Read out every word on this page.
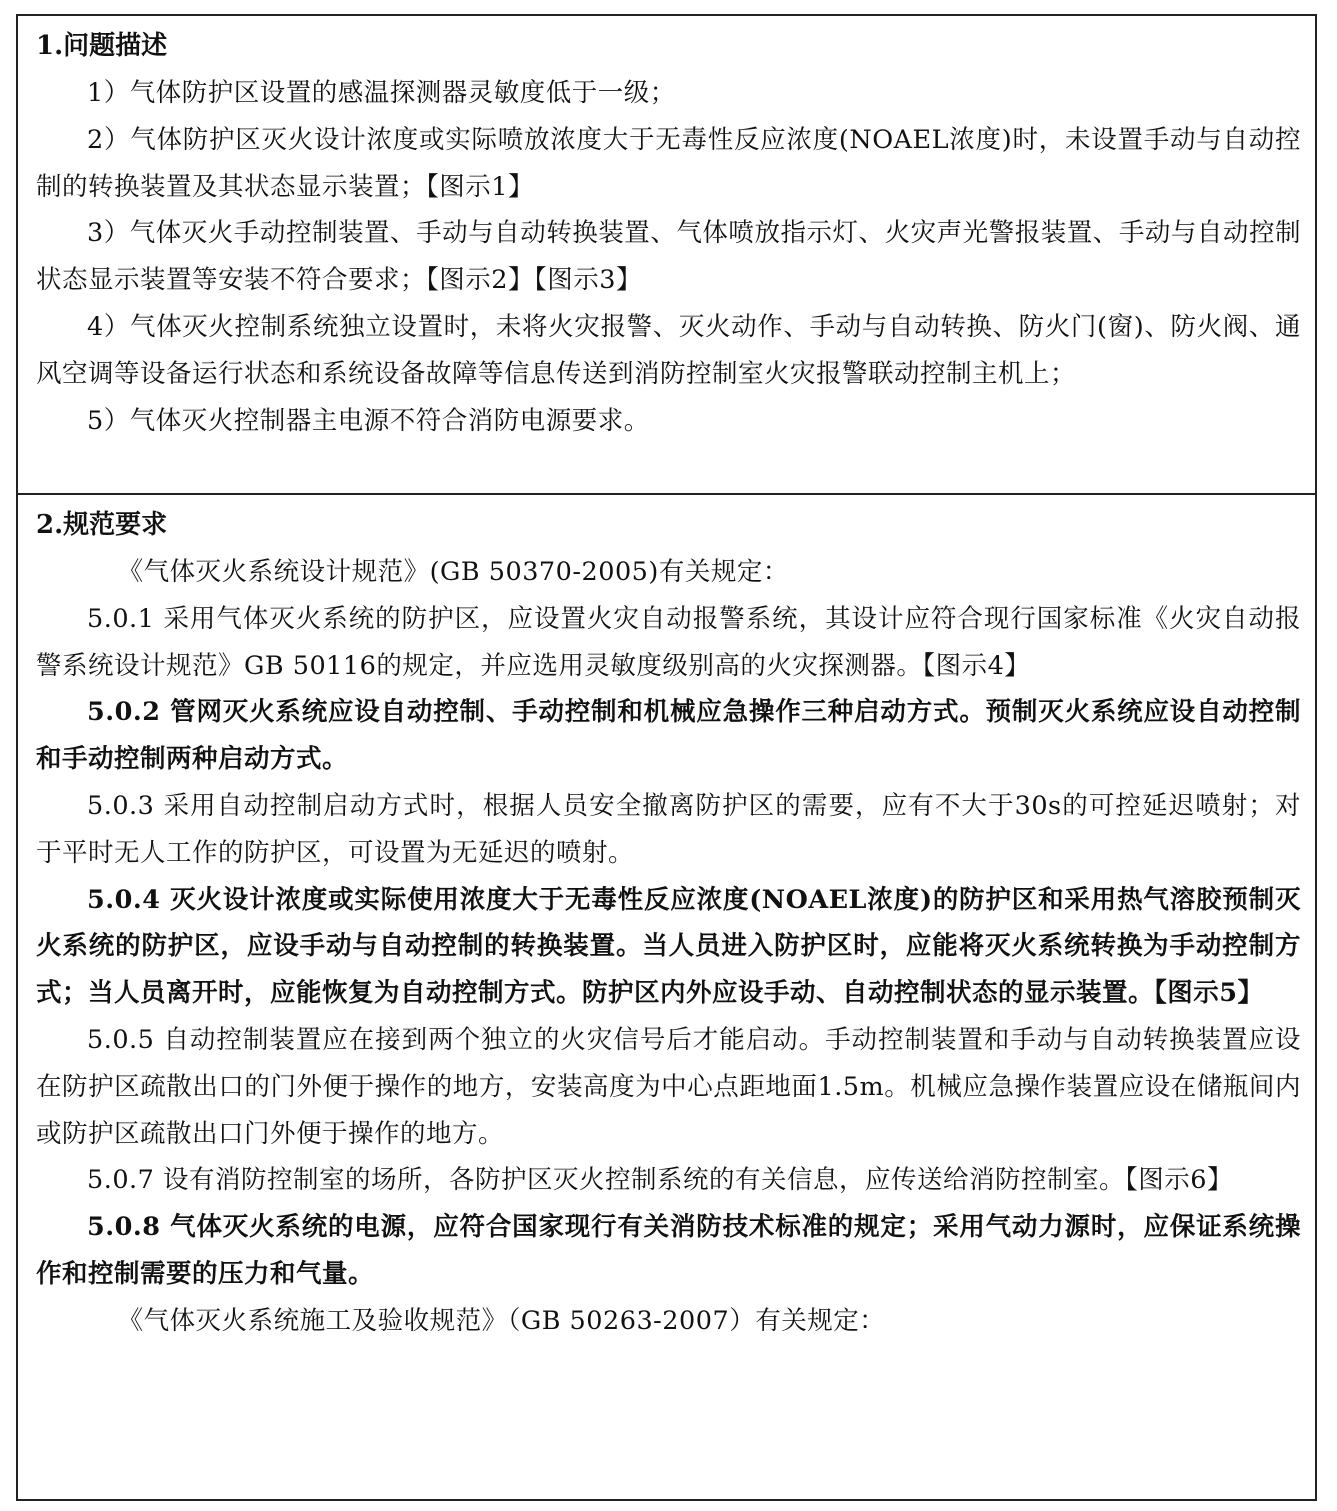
1.问题描述

1）气体防护区设置的感温探测器灵敏度低于一级；

2）气体防护区灭火设计浓度或实际喷放浓度大于无毒性反应浓度(NOAEL浓度)时，未设置手动与自动控制的转换装置及其状态显示装置；【图示1】

3）气体灭火手动控制装置、手动与自动转换装置、气体喷放指示灯、火灾声光警报装置、手动与自动控制状态显示装置等安装不符合要求；【图示2】【图示3】

4）气体灭火控制系统独立设置时，未将火灾报警、灭火动作、手动与自动转换、防火门(窗)、防火阀、通风空调等设备运行状态和系统设备故障等信息传送到消防控制室火灾报警联动控制主机上；

5）气体灭火控制器主电源不符合消防电源要求。

2.规范要求

《气体灭火系统设计规范》(GB 50370-2005)有关规定：

5.0.1 采用气体灭火系统的防护区，应设置火灾自动报警系统，其设计应符合现行国家标准《火灾自动报警系统设计规范》GB 50116的规定，并应选用灵敏度级别高的火灾探测器。【图示4】

5.0.2 管网灭火系统应设自动控制、手动控制和机械应急操作三种启动方式。预制灭火系统应设自动控制和手动控制两种启动方式。

5.0.3 采用自动控制启动方式时，根据人员安全撤离防护区的需要，应有不大于30s的可控延迟喷射；对于平时无人工作的防护区，可设置为无延迟的喷射。

5.0.4 灭火设计浓度或实际使用浓度大于无毒性反应浓度(NOAEL浓度)的防护区和采用热气溶胶预制灭火系统的防护区，应设手动与自动控制的转换装置。当人员进入防护区时，应能将灭火系统转换为手动控制方式；当人员离开时，应能恢复为自动控制方式。防护区内外应设手动、自动控制状态的显示装置。【图示5】

5.0.5 自动控制装置应在接到两个独立的火灾信号后才能启动。手动控制装置和手动与自动转换装置应设在防护区疏散出口的门外便于操作的地方，安装高度为中心点距地面1.5m。机械应急操作装置应设在储瓶间内或防护区疏散出口门外便于操作的地方。

5.0.7 设有消防控制室的场所，各防护区灭火控制系统的有关信息，应传送给消防控制室。【图示6】

5.0.8 气体灭火系统的电源，应符合国家现行有关消防技术标准的规定；采用气动力源时，应保证系统操作和控制需要的压力和气量。

《气体灭火系统施工及验收规范》（GB 50263-2007）有关规定：
